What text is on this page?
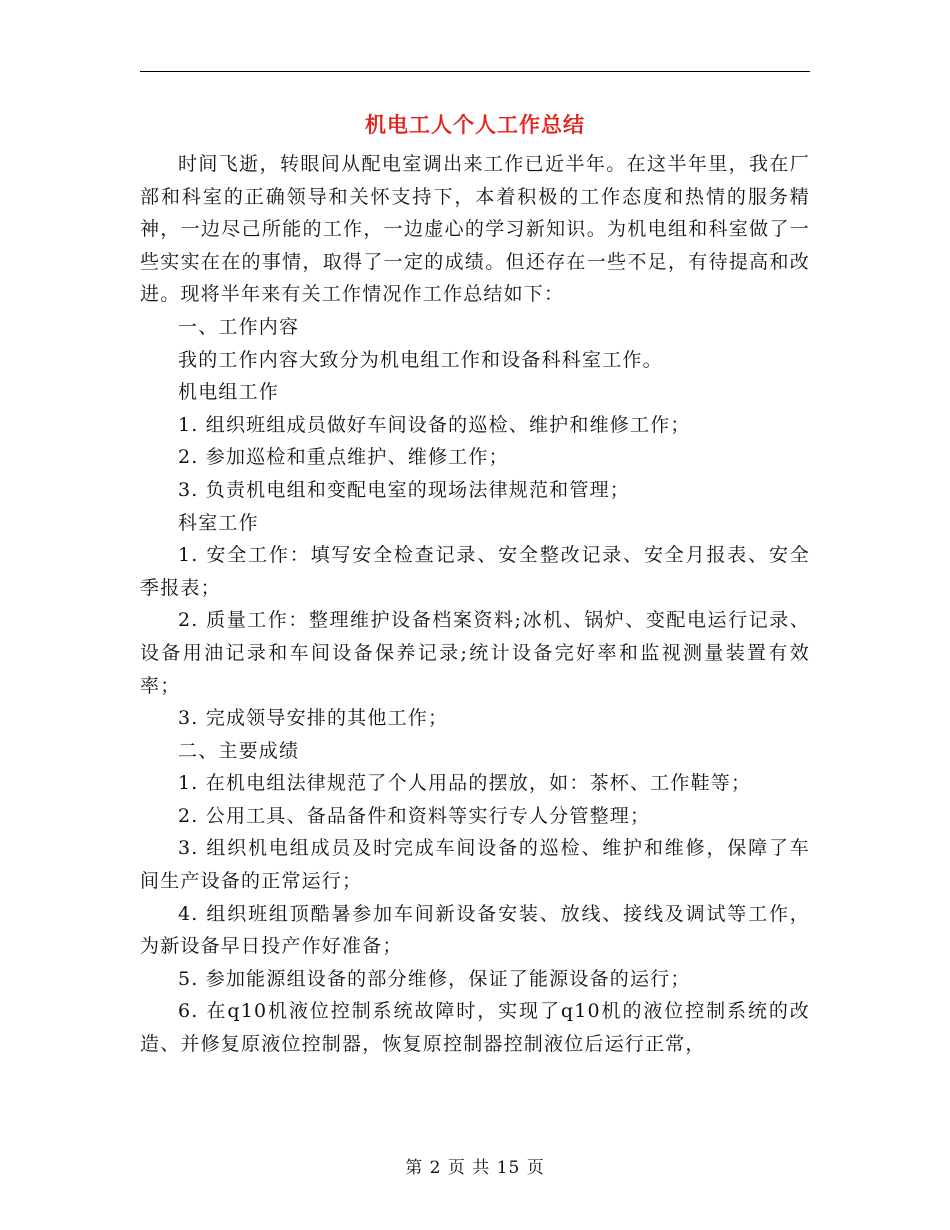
机电工人个人工作总结

时间飞逝，转眼间从配电室调出来工作已近半年。在这半年里，我在厂部和科室的正确领导和关怀支持下，本着积极的工作态度和热情的服务精神，一边尽己所能的工作，一边虚心的学习新知识。为机电组和科室做了一些实实在在的事情，取得了一定的成绩。但还存在一些不足，有待提高和改进。现将半年来有关工作情况作工作总结如下：

一、工作内容

我的工作内容大致分为机电组工作和设备科科室工作。

机电组工作

1. 组织班组成员做好车间设备的巡检、维护和维修工作；

2. 参加巡检和重点维护、维修工作；

3. 负责机电组和变配电室的现场法律规范和管理；

科室工作

1. 安全工作：填写安全检查记录、安全整改记录、安全月报表、安全季报表；

2. 质量工作：整理维护设备档案资料;冰机、锅炉、变配电运行记录、设备用油记录和车间设备保养记录;统计设备完好率和监视测量装置有效率；

3. 完成领导安排的其他工作；

二、主要成绩

1. 在机电组法律规范了个人用品的摆放，如：茶杯、工作鞋等；

2. 公用工具、备品备件和资料等实行专人分管整理；

3. 组织机电组成员及时完成车间设备的巡检、维护和维修，保障了车间生产设备的正常运行；

4. 组织班组顶酷暑参加车间新设备安装、放线、接线及调试等工作，为新设备早日投产作好准备；

5. 参加能源组设备的部分维修，保证了能源设备的运行；

6. 在q10机液位控制系统故障时，实现了q10机的液位控制系统的改造、并修复原液位控制器，恢复原控制器控制液位后运行正常，

第 2 页 共 15 页
